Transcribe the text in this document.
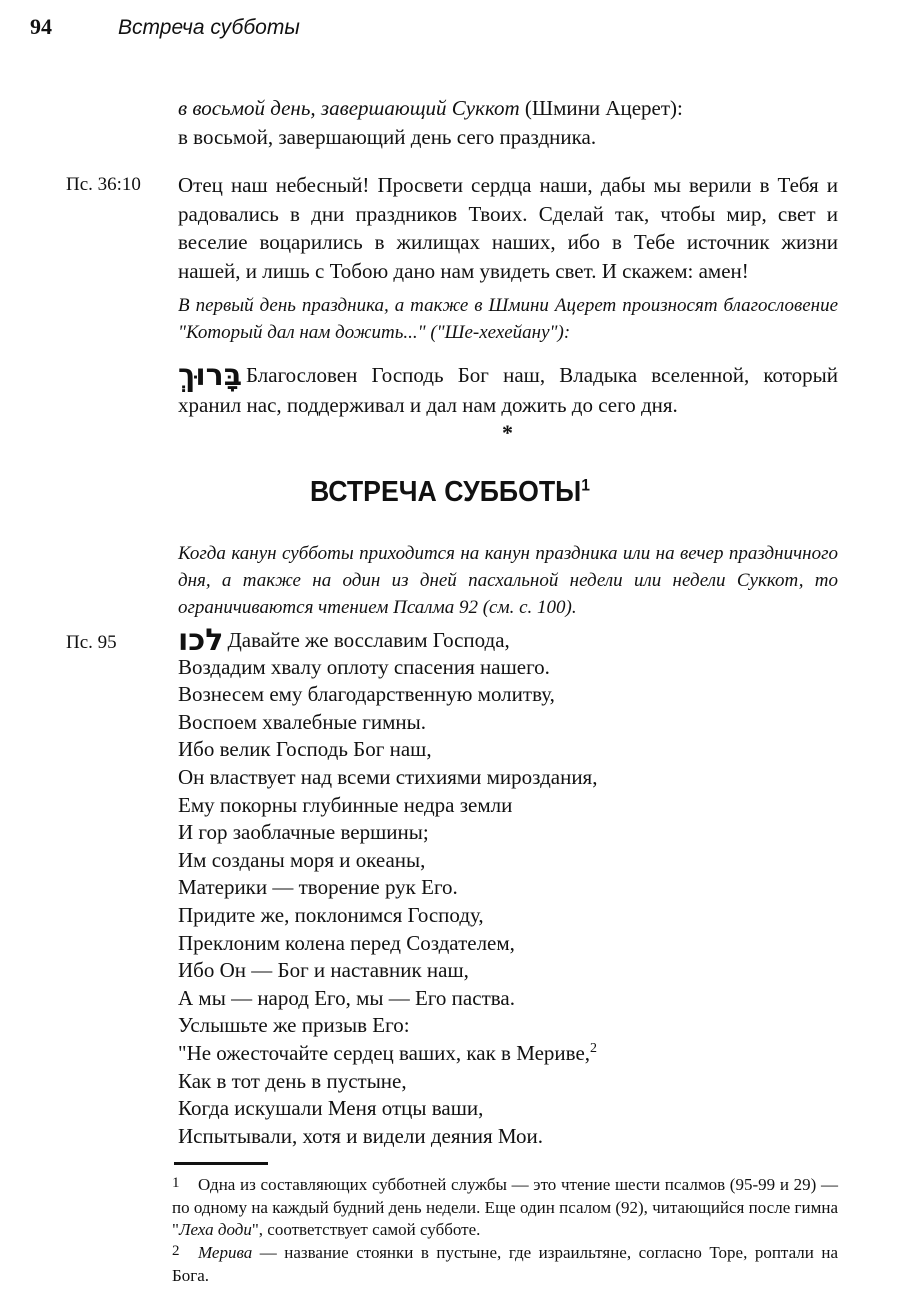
94	Встреча субботы

в восьмой день, завершающий Суккот (Шмини Ацерет):

в восьмой, завершающий день сего праздника.

Пс. 36:10 Отец наш небесный! Просвети сердца наши, дабы мы верили в Тебя и радовались в дни праздников Твоих. Сделай так, чтобы мир, свет и веселие воцарились в жилищах наших, ибо в Тебе источник жизни нашей, и лишь с Тобою дано нам увидеть свет. И скажем: амен!

В первый день праздника, а также в Шмини Ацерет произносят благословение "Который дал нам дожить..." ("Ше-хехейану"):

בָּרוּךְ Благословен Господь Бог наш, Владыка вселенной, который хранил нас, поддерживал и дал нам дожить до сего дня.

*
ВСТРЕЧА СУББОТЫ$^1$

Когда канун субботы приходится на канун праздника или на вечер праздничного дня, а также на один из дней пасхальной недели или недели Суккот, то ограничиваются чтением Псалма 92 (см. с. 100).

Пс. 95 לכו Давайте же восславим Господа,
Воздадим хвалу оплоту спасения нашего.
Вознесем ему благодарственную молитву,
Воспоем хвалебные гимны.
Ибо велик Господь Бог наш,
Он властвует над всеми стихиями мироздания,
Ему покорны глубинные недра земли
И гор заоблачные вершины;
Им созданы моря и океаны,
Материки — творение рук Его.
Придите же, поклонимся Господу,
Преклоним колена перед Создателем,
Ибо Он — Бог и наставник наш,
А мы — народ Его, мы — Его паства.
Услышьте же призыв Его:
"Не ожесточайте сердец ваших, как в Мериве,$^2$
Как в тот день в пустыне,
Когда искушали Меня отцы ваши,
Испытывали, хотя и видели деяния Мои.

1 Одна из составляющих субботней службы — это чтение шести псалмов (95-99 и 29) — по одному на каждый будний день недели. Еще один псалом (92), читающийся после гимна "Леха доди", соответствует самой субботе.

2 Мерива — название стоянки в пустыне, где израильтяне, согласно Торе, роптали на Бога.
